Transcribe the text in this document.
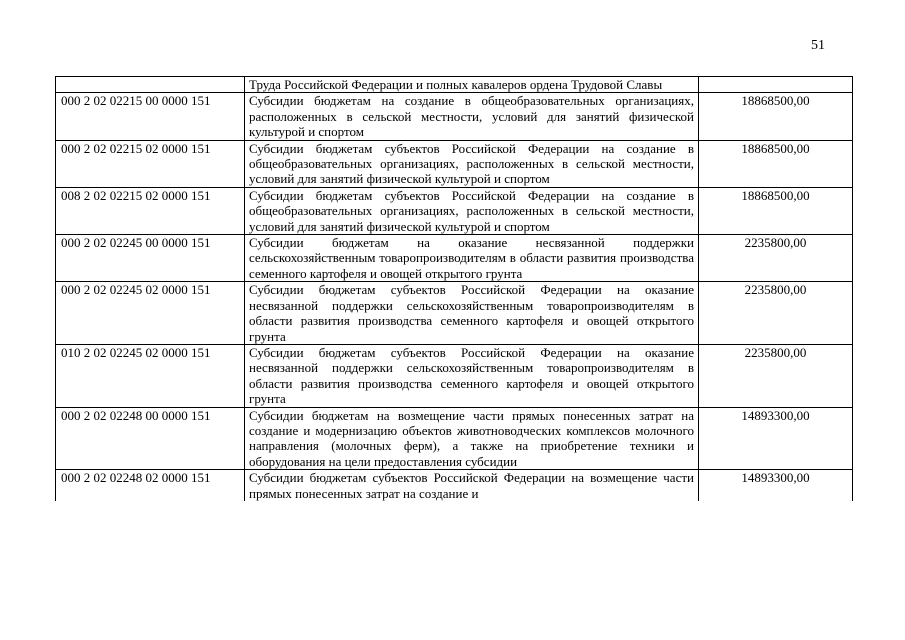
51

	Труда Российской Федерации и полных кавалеров ордена Трудовой Славы	

000 2 02 02215 00 0000 151	Субсидии бюджетам на создание в общеобразовательных организациях, расположенных в сельской местности, условий для занятий физической культурой и спортом	18868500,00
000 2 02 02215 02 0000 151	Субсидии бюджетам субъектов Российской Федерации на создание в общеобразовательных организациях, расположенных в сельской местности, условий для занятий физической культурой и спортом	18868500,00
008 2 02 02215 02 0000 151	Субсидии бюджетам субъектов Российской Федерации на создание в общеобразовательных организациях, расположенных в сельской местности, условий для занятий физической культурой и спортом	18868500,00
000 2 02 02245 00 0000 151	Субсидии бюджетам на оказание несвязанной поддержки сельскохозяйственным товаропроизводителям в области развития производства семенного картофеля и овощей открытого грунта	2235800,00
000 2 02 02245 02 0000 151	Субсидии бюджетам субъектов Российской Федерации на оказание несвязанной поддержки сельскохозяйственным товаропроизводителям в области развития производства семенного картофеля и овощей открытого грунта	2235800,00
010 2 02 02245 02 0000 151	Субсидии бюджетам субъектов Российской Федерации на оказание несвязанной поддержки сельскохозяйственным товаропроизводителям в области развития производства семенного картофеля и овощей открытого грунта	2235800,00
000 2 02 02248 00 0000 151	Субсидии бюджетам на возмещение части прямых понесенных затрат на создание и модернизацию объектов животноводческих комплексов молочного направления (молочных ферм), а также на приобретение техники и оборудования на цели предоставления субсидии	14893300,00
000 2 02 02248 02 0000 151	Субсидии бюджетам субъектов Российской Федерации на возмещение части прямых понесенных затрат на создание и	14893300,00
